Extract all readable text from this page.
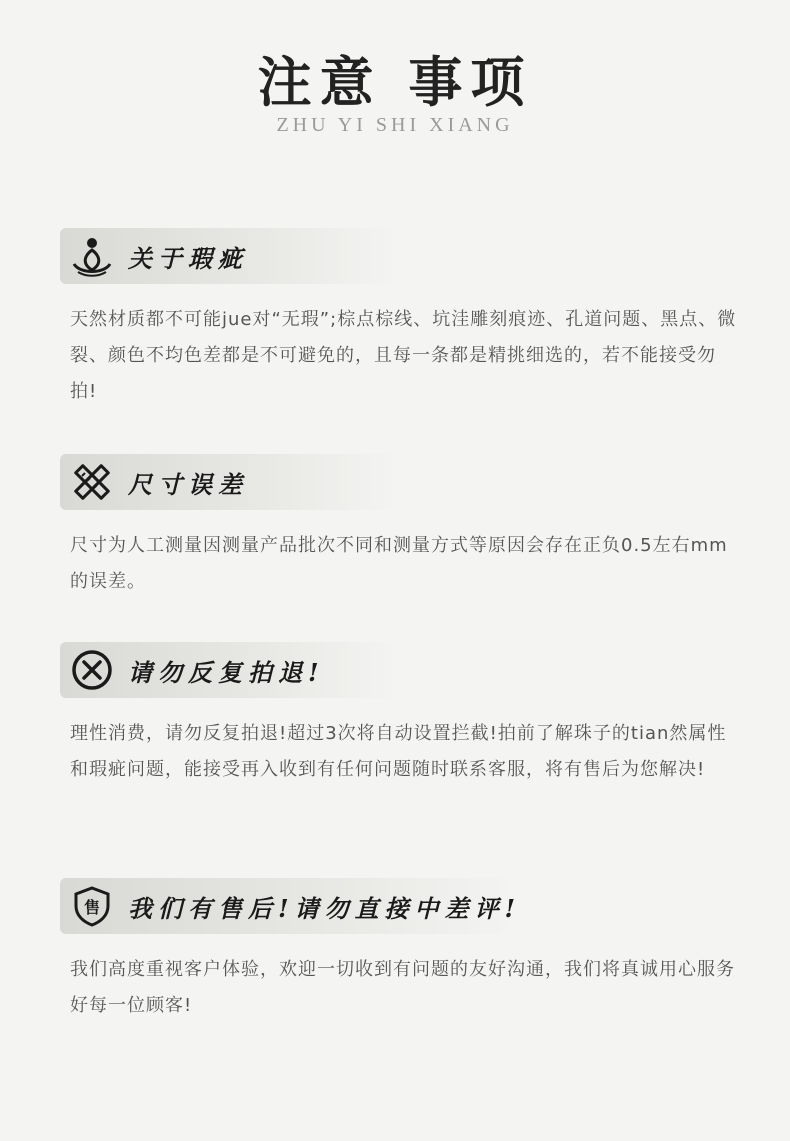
注意 事项
ZHU YI SHI XIANG
关于瑕疵
天然材质都不可能jue对“无瑕”;棕点棕线、坑洼雕刻痕迹、孔道问题、黑点、微裂、颜色不均色差都是不可避免的，且每一条都是精挑细选的，若不能接受勿拍!
尺寸误差
尺寸为人工测量因测量产品批次不同和测量方式等原因会存在正负0.5左右mm的误差。
请勿反复拍退!
理性消费，请勿反复拍退!超过3次将自动设置拦截!拍前了解珠子的tian然属性和瑕疵问题，能接受再入收到有任何问题随时联系客服，将有售后为您解决!
售 我们有售后!请勿直接中差评!
我们高度重视客户体验，欢迎一切收到有问题的友好沟通，我们将真诚用心服务好每一位顾客!
